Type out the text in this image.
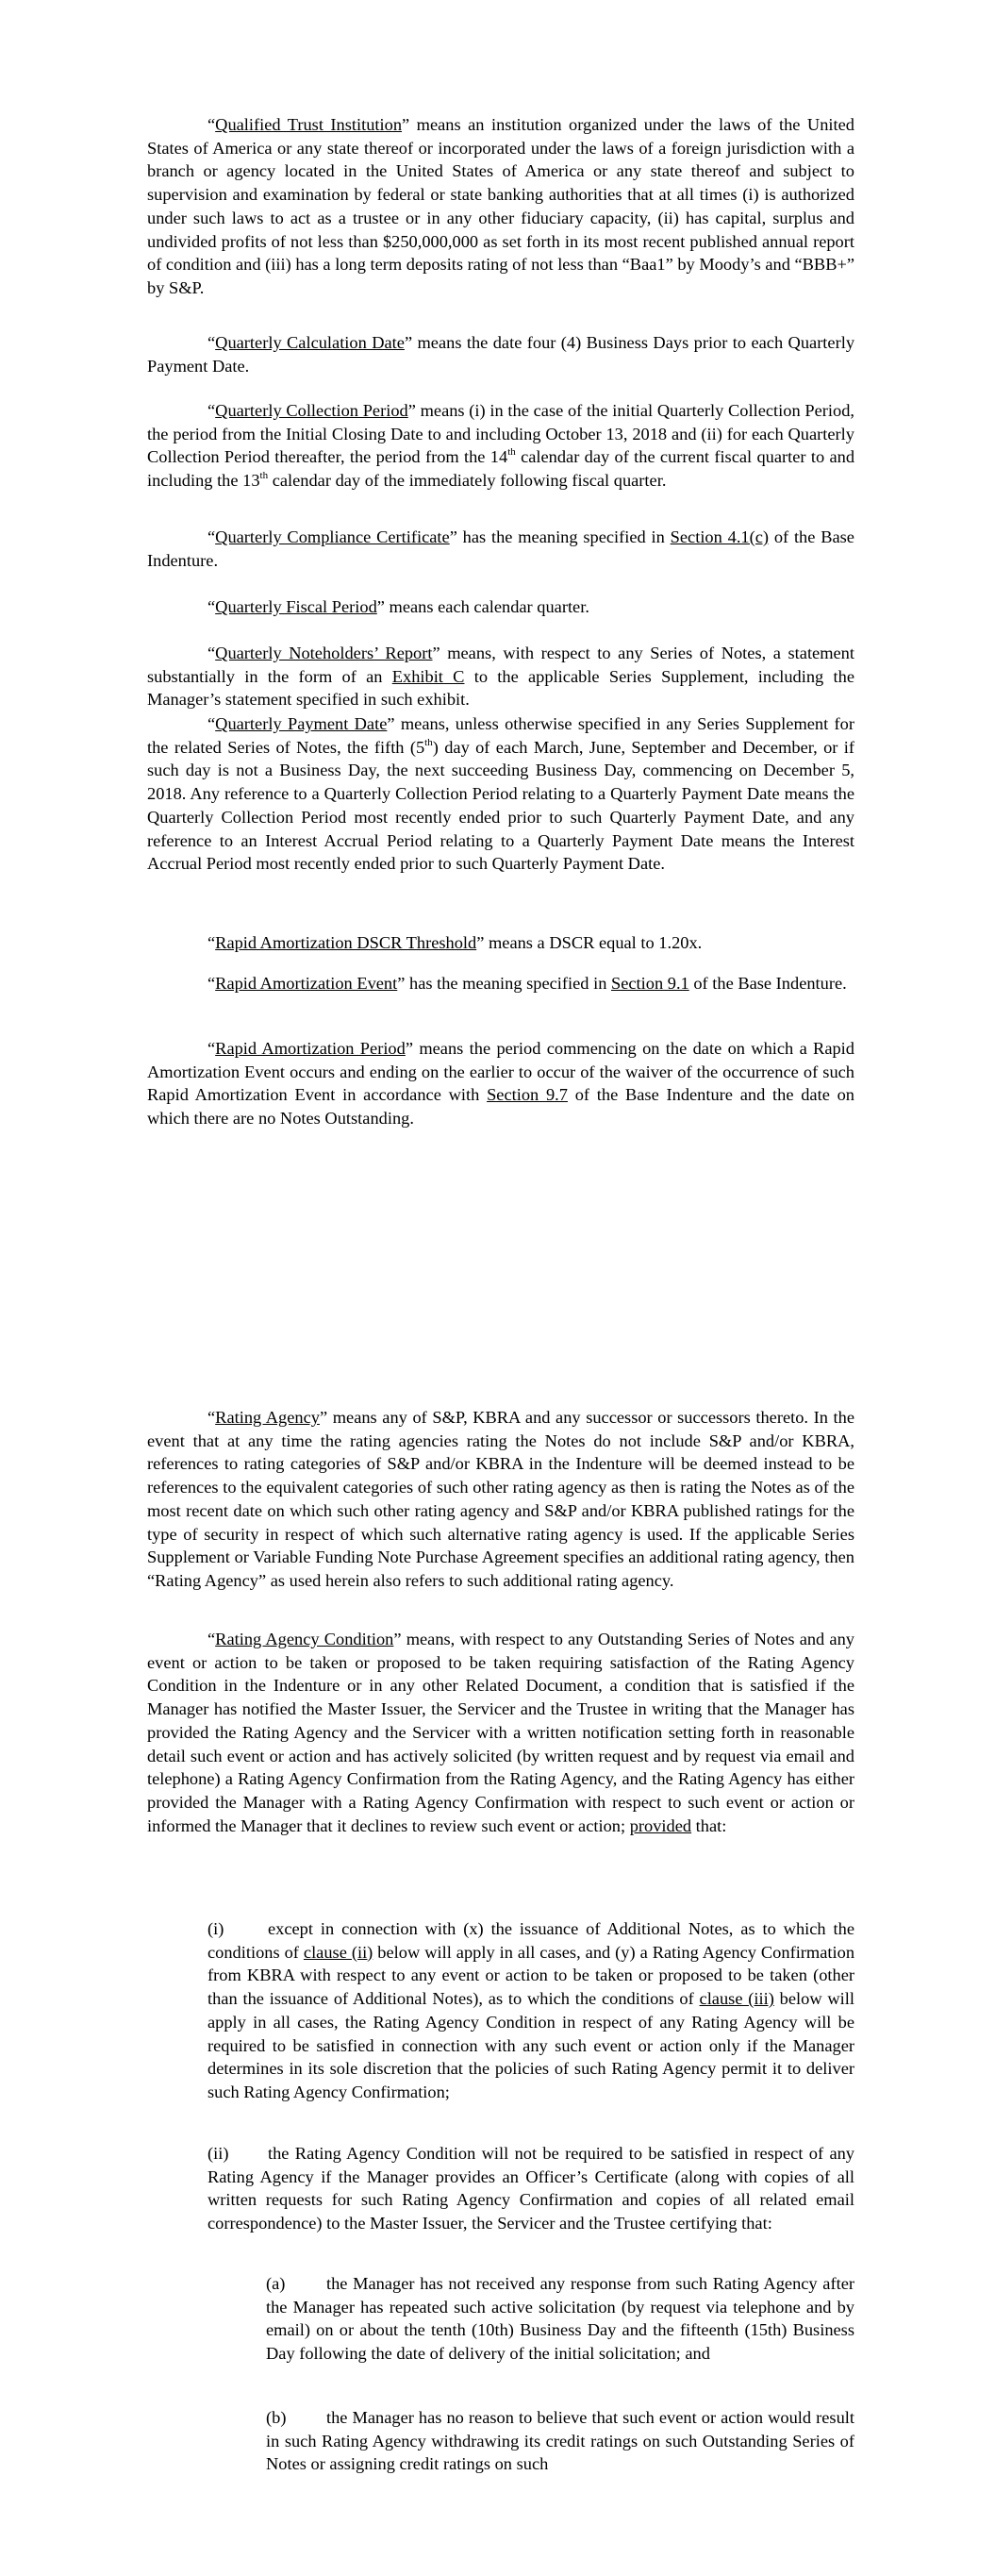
“Qualified Trust Institution” means an institution organized under the laws of the United States of America or any state thereof or incorporated under the laws of a foreign jurisdiction with a branch or agency located in the United States of America or any state thereof and subject to supervision and examination by federal or state banking authorities that at all times (i) is authorized under such laws to act as a trustee or in any other fiduciary capacity, (ii) has capital, surplus and undivided profits of not less than $250,000,000 as set forth in its most recent published annual report of condition and (iii) has a long term deposits rating of not less than “Baa1” by Moody’s and “BBB+” by S&P.

“Quarterly Calculation Date” means the date four (4) Business Days prior to each Quarterly Payment Date.

“Quarterly Collection Period” means (i) in the case of the initial Quarterly Collection Period, the period from the Initial Closing Date to and including October 13, 2018 and (ii) for each Quarterly Collection Period thereafter, the period from the 14th calendar day of the current fiscal quarter to and including the 13th calendar day of the immediately following fiscal quarter.

“Quarterly Compliance Certificate” has the meaning specified in Section 4.1(c) of the Base Indenture.

“Quarterly Fiscal Period” means each calendar quarter.

“Quarterly Noteholders’ Report” means, with respect to any Series of Notes, a statement substantially in the form of an Exhibit C to the applicable Series Supplement, including the Manager’s statement specified in such exhibit.

“Quarterly Payment Date” means, unless otherwise specified in any Series Supplement for the related Series of Notes, the fifth (5th) day of each March, June, September and December, or if such day is not a Business Day, the next succeeding Business Day, commencing on December 5, 2018. Any reference to a Quarterly Collection Period relating to a Quarterly Payment Date means the Quarterly Collection Period most recently ended prior to such Quarterly Payment Date, and any reference to an Interest Accrual Period relating to a Quarterly Payment Date means the Interest Accrual Period most recently ended prior to such Quarterly Payment Date.

“Rapid Amortization DSCR Threshold” means a DSCR equal to 1.20x.

“Rapid Amortization Event” has the meaning specified in Section 9.1 of the Base Indenture.

“Rapid Amortization Period” means the period commencing on the date on which a Rapid Amortization Event occurs and ending on the earlier to occur of the waiver of the occurrence of such Rapid Amortization Event in accordance with Section 9.7 of the Base Indenture and the date on which there are no Notes Outstanding.

“Rating Agency” means any of S&P, KBRA and any successor or successors thereto. In the event that at any time the rating agencies rating the Notes do not include S&P and/or KBRA, references to rating categories of S&P and/or KBRA in the Indenture will be deemed instead to be references to the equivalent categories of such other rating agency as then is rating the Notes as of the most recent date on which such other rating agency and S&P and/or KBRA published ratings for the type of security in respect of which such alternative rating agency is used. If the applicable Series Supplement or Variable Funding Note Purchase Agreement specifies an additional rating agency, then “Rating Agency” as used herein also refers to such additional rating agency.

“Rating Agency Condition” means, with respect to any Outstanding Series of Notes and any event or action to be taken or proposed to be taken requiring satisfaction of the Rating Agency Condition in the Indenture or in any other Related Document, a condition that is satisfied if the Manager has notified the Master Issuer, the Servicer and the Trustee in writing that the Manager has provided the Rating Agency and the Servicer with a written notification setting forth in reasonable detail such event or action and has actively solicited (by written request and by request via email and telephone) a Rating Agency Confirmation from the Rating Agency, and the Rating Agency has either provided the Manager with a Rating Agency Confirmation with respect to such event or action or informed the Manager that it declines to review such event or action; provided that:

(i)	except in connection with (x) the issuance of Additional Notes, as to which the conditions of clause (ii) below will apply in all cases, and (y) a Rating Agency Confirmation from KBRA with respect to any event or action to be taken or proposed to be taken (other than the issuance of Additional Notes), as to which the conditions of clause (iii) below will apply in all cases, the Rating Agency Condition in respect of any Rating Agency will be required to be satisfied in connection with any such event or action only if the Manager determines in its sole discretion that the policies of such Rating Agency permit it to deliver such Rating Agency Confirmation;

(ii) the Rating Agency Condition will not be required to be satisfied in respect of any Rating Agency if the Manager provides an Officer’s Certificate (along with copies of all written requests for such Rating Agency Confirmation and copies of all related email correspondence) to the Master Issuer, the Servicer and the Trustee certifying that:

(a) the Manager has not received any response from such Rating Agency after the Manager has repeated such active solicitation (by request via telephone and by email) on or about the tenth (10th) Business Day and the fifteenth (15th) Business Day following the date of delivery of the initial solicitation; and

(b) the Manager has no reason to believe that such event or action would result in such Rating Agency withdrawing its credit ratings on such Outstanding Series of Notes or assigning credit ratings on such
